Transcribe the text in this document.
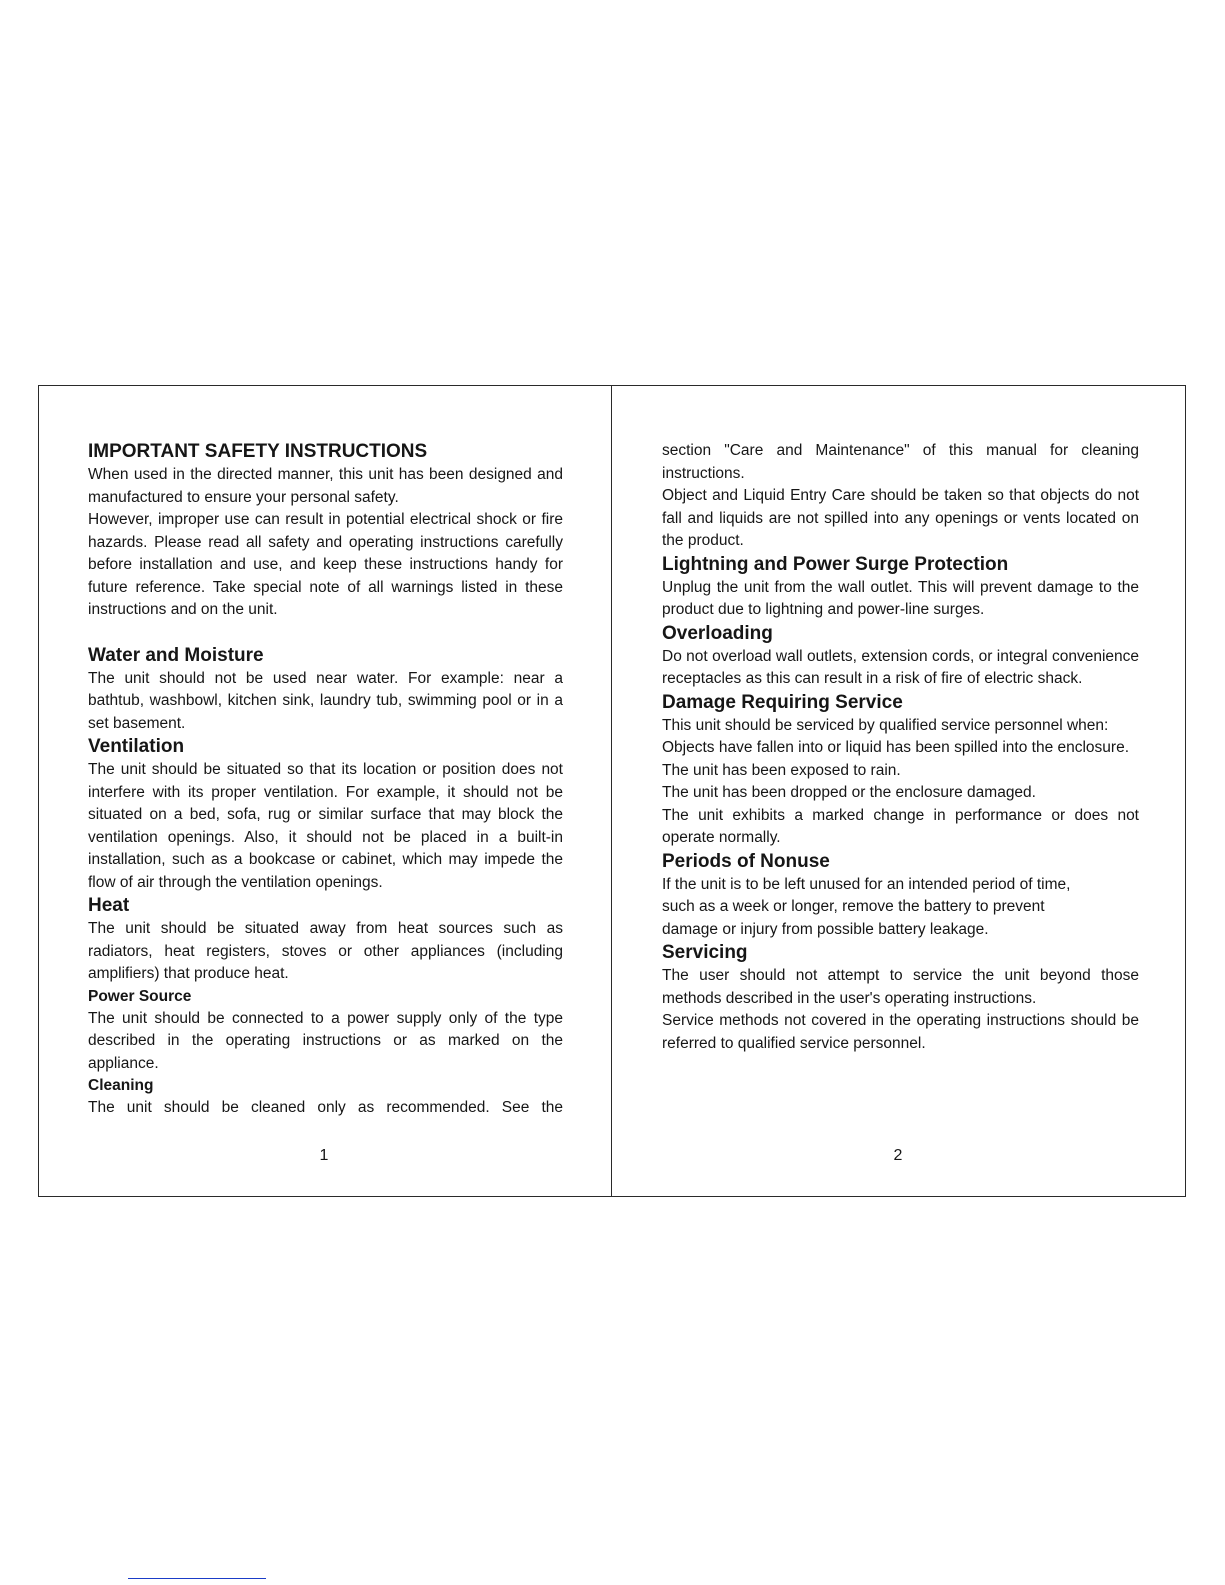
IMPORTANT SAFETY INSTRUCTIONS

When used in the directed manner, this unit has been designed and manufactured to ensure your personal safety.

However, improper use can result in potential electrical shock or fire hazards. Please read all safety and operating instructions carefully before installation and use, and keep these instructions handy for future reference. Take special note of all warnings listed in these instructions and on the unit.

Water and Moisture

The unit should not be used near water. For example: near a bathtub, washbowl, kitchen sink, laundry tub, swimming pool or in a set basement.

Ventilation

The unit should be situated so that its location or position does not interfere with its proper ventilation. For example, it should not be situated on a bed, sofa, rug or similar surface that may block the ventilation openings. Also, it should not be placed in a built-in installation, such as a bookcase or cabinet, which may impede the flow of air through the ventilation openings.

Heat

The unit should be situated away from heat sources such as radiators, heat registers, stoves or other appliances (including amplifiers) that produce heat.

Power Source

The unit should be connected to a power supply only of the type described in the operating instructions or as marked on the appliance.

Cleaning

The unit should be cleaned only as recommended. See the

1

section "Care and Maintenance" of this manual for cleaning instructions.

Object and Liquid Entry Care should be taken so that objects do not fall and liquids are not spilled into any openings or vents located on the product.

Lightning and Power Surge Protection

Unplug the unit from the wall outlet. This will prevent damage to the product due to lightning and power-line surges.

Overloading

Do not overload wall outlets, extension cords, or integral convenience receptacles as this can result in a risk of fire of electric shack.

Damage Requiring Service

This unit should be serviced by qualified service personnel when:

Objects have fallen into or liquid has been spilled into the enclosure.

The unit has been exposed to rain.

The unit has been dropped or the enclosure damaged.

The unit exhibits a marked change in performance or does not operate normally.

Periods of Nonuse

If the unit is to be left unused for an intended period of time,

such as a week or longer, remove the battery to prevent

damage or injury from possible battery leakage.

Servicing

The user should not attempt to service the unit beyond those methods described in the user's operating instructions.

Service methods not covered in the operating instructions should be referred to qualified service personnel.

2
